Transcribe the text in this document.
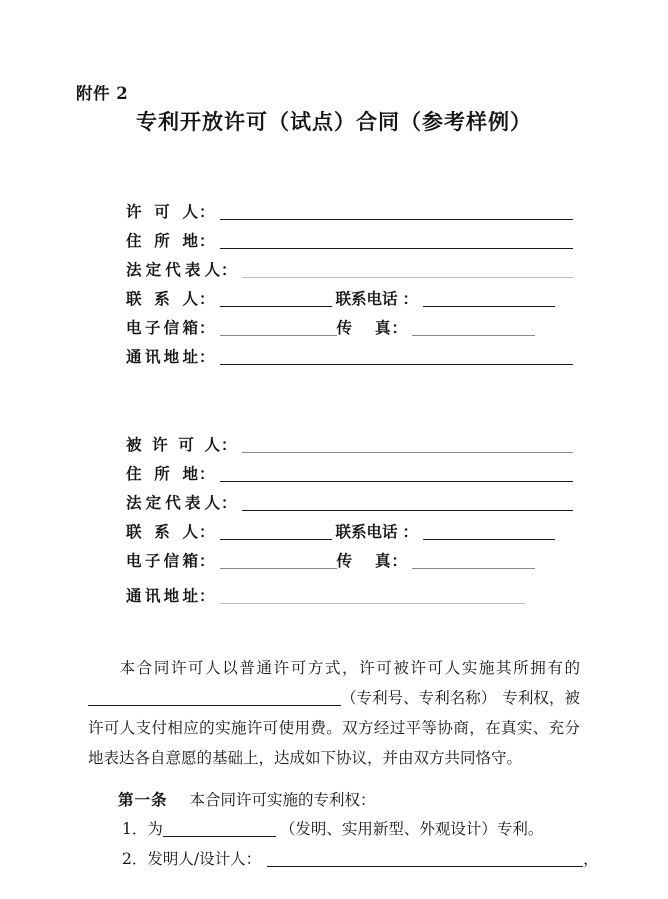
附件 2
专利开放许可（试点）合同（参考样例）
许可人 ：
住所地 ：
法定代表人 ：
联系人 ：	联系电话 ：
电子信箱 ：	传真 ：
通讯地址 ：
被许可人 ：
住所地 ：
法定代表人 ：
联系人 ：	联系电话 ：
电子信箱 ：	传真 ：
通讯地址 ：
本合同许可人以普通许可方式，许可被许可人实施其所拥有的（专利号、专利名称） 专利权，被许可人支付相应的实施许可使用费。双方经过平等协商，在真实、充分地表达各自意愿的基础上，达成如下协议，并由双方共同恪守。
第一条 本合同许可实施的专利权：
1．为	（发明、实用新型、外观设计）专利。
2．发明人/设计人：	，
